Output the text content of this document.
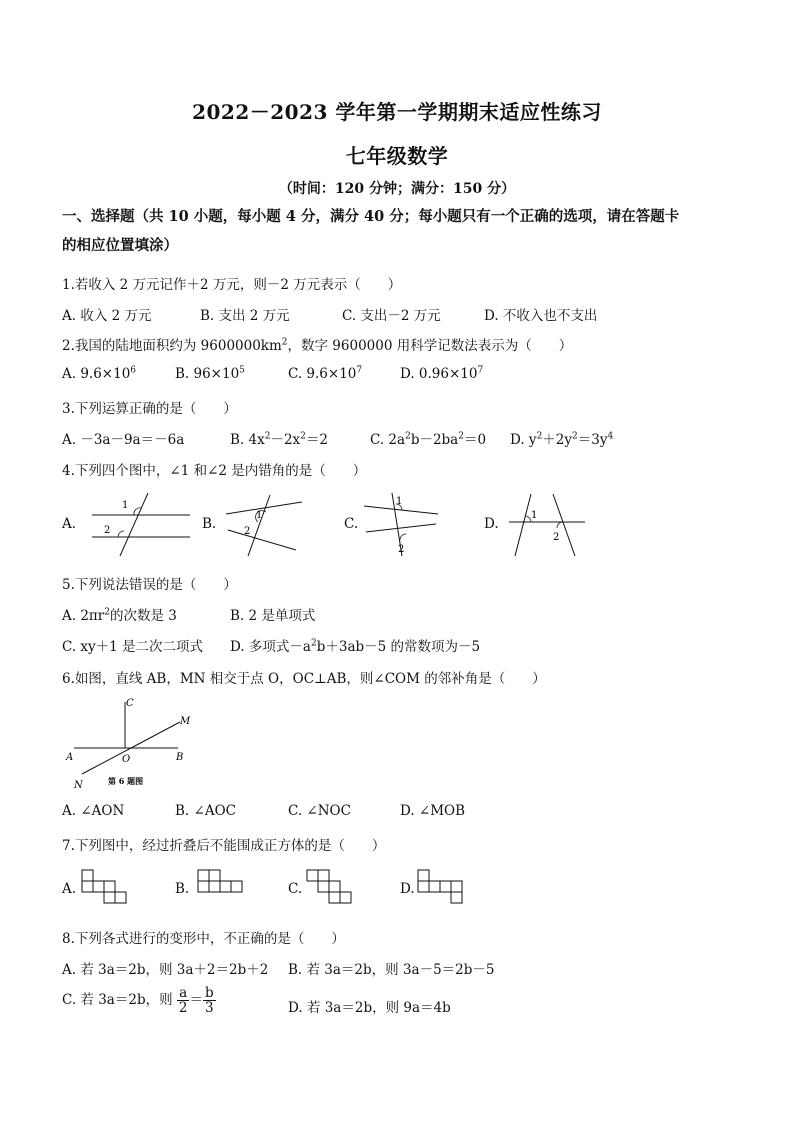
2022－2023 学年第一学期期末适应性练习
七年级数学
（时间：120 分钟；满分：150 分）
一、选择题（共 10 小题，每小题 4 分，满分 40 分；每小题只有一个正确的选项，请在答题卡
的相应位置填涂）
1.若收入 2 万元记作＋2 万元，则－2 万元表示（　　）
A. 收入 2 万元	B. 支出 2 万元	C. 支出－2 万元	D. 不收入也不支出
2.我国的陆地面积约为 $9600000km^2$，数字 9600000 用科学记数法表示为（　　）
A. $9.6\times 10^6$	B. $96\times 10^5$	C. $9.6\times 10^7$	D. $0.96\times 10^7$
3.下列运算正确的是（　　）
A. －3a－9a＝－6a	B. $4x^2-2x^2=2$	C. $2a^2b-2ba^2=0$ D. $y^2+2y^2=3y^4$
4.下列四个图中，∠1 和∠2 是内错角的是（　　）
A.	B.	C.	D.
1
2
1
2
1
2
1
2
5.下列说法错误的是（　　）
A. $2\pi r^2$的次数是 3	B. 2 是单项式
C. xy＋1 是二次二项式 D. 多项式$-a^2b+3ab-5$ 的常数项为－5
6.如图，直线 AB，MN 相交于点 O，OC⊥AB，则∠COM 的邻补角是（　　）
C
M
A	O	B
N	第 6 题图
A. ∠AON	B. ∠AOC	C. ∠NOC	D. ∠MOB
7.下列图中，经过折叠后不能围成正方体的是（　　）
A.	B.	C.	D.
8.下列各式进行的变形中，不正确的是（　　）
A. 若 3a＝2b，则 3a＋2＝2b＋2 B. 若 3a＝2b，则 3a－5＝2b－5
C. 若 3a＝2b，则 $\frac{a}{2} = \frac{b}{3}$	D. 若 3a＝2b，则 9a＝4b
